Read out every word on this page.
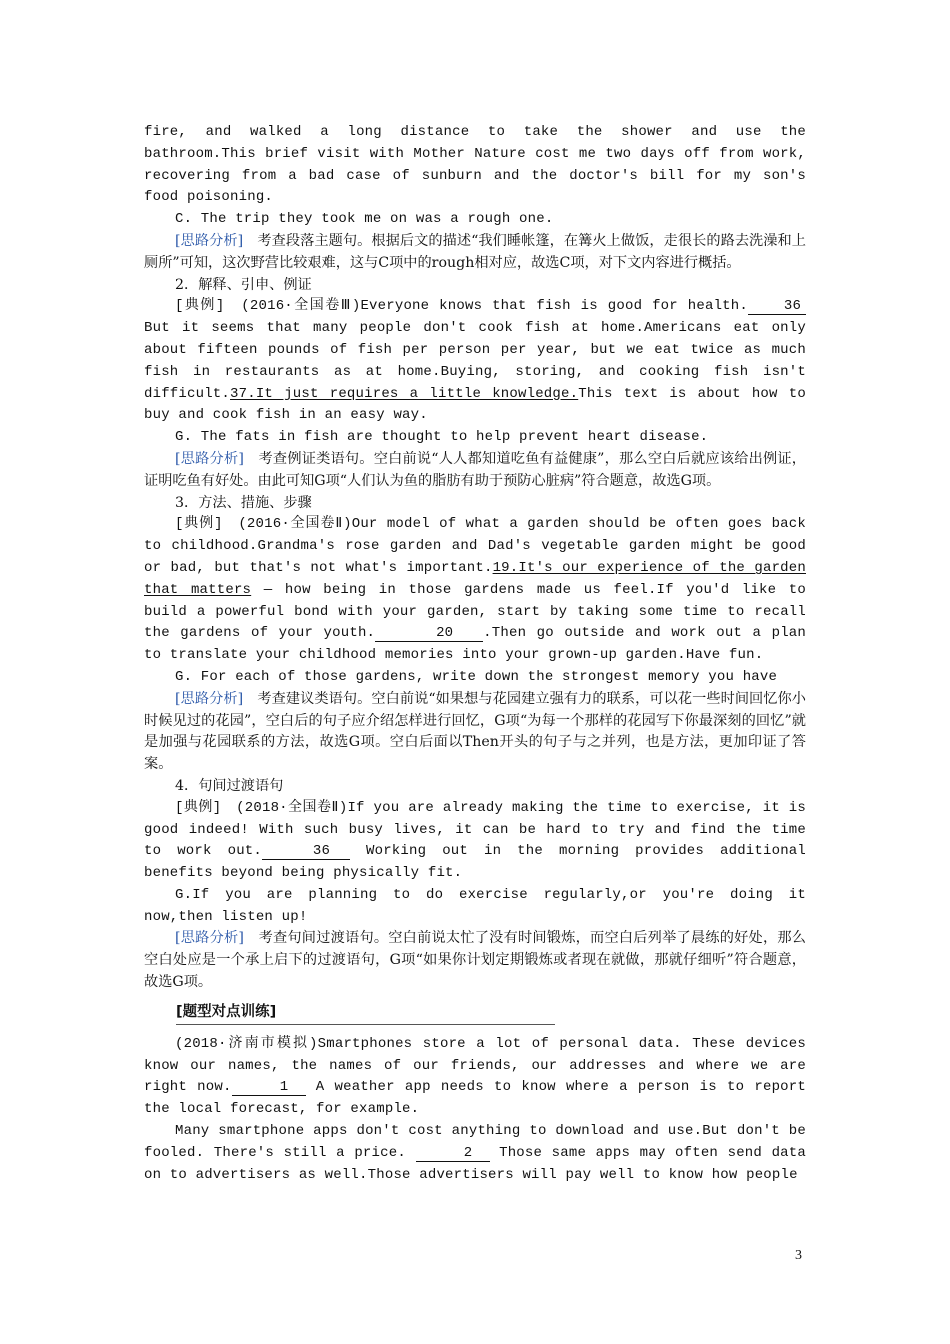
fire, and walked a long distance to take the shower and use the bathroom.This brief visit with Mother Nature cost me two days off from work, recovering from a bad case of sunburn and the doctor's bill for my son's food poisoning.

C. The trip they took me on was a rough one.

[思路分析]　 考查段落主题句。根据后文的描述“我们睡帐篷，在篝火上做饭，走很长的路去洗澡和上厕所”可知，这次野营比较艰难，这与C项中的rough相对应，故选C项，对下文内容进行概括。

2．解释、引申、例证

[典例]　 (2016·全国卷Ⅲ)Everyone knows that fish is good for health.	36 But it seems that many people don't cook fish at home.Americans eat only about fifteen pounds of fish per person per year, but we eat twice as much fish in restaurants as at home.Buying, storing, and cooking fish isn't difficult.37.It just requires a little knowledge.This text is about how to buy and cook fish in an easy way.

G. The fats in fish are thought to help prevent heart disease.

[思路分析]　 考查例证类语句。空白前说“人人都知道吃鱼有益健康”，那么空白后就应该给出例证，证明吃鱼有好处。由此可知G项“人们认为鱼的脂肪有助于预防心脏病”符合题意，故选G项。

3．方法、措施、步骤

[典例]　 (2016·全国卷Ⅱ)Our model of what a garden should be often goes back to childhood.Grandma's rose garden and Dad's vegetable garden might be good or bad, but that's not what's important.19.It's our experience of the garden that matters — how being in those gardens made us feel.If you'd like to build a powerful bond with your garden, start by taking some time to recall the gardens of your youth.	20 .Then go outside and work out a plan to translate your childhood memories into your grown-up garden.Have fun.

G. For each of those gardens, write down the strongest memory you have

[思路分析]　 考查建议类语句。空白前说“如果想与花园建立强有力的联系，可以花一些时间回忆你小时候见过的花园”，空白后的句子应介绍怎样进行回忆，G项“为每一个那样的花园写下你最深刻的回忆”就是加强与花园联系的方法，故选G项。空白后面以Then开头的句子与之并列，也是方法，更加印证了答案。

4．句间过渡语句

[典例]　 (2018·全国卷Ⅱ)If you are already making the time to exercise, it is good indeed! With such busy lives, it can be hard to try and find the time to work out.	36 Working out in the morning provides additional benefits beyond being physically fit.

G.If you are planning to do exercise regularly,or you're doing it now,then listen up!

[思路分析]　 考查句间过渡语句。空白前说太忙了没有时间锻炼，而空白后列举了晨练的好处，那么空白处应是一个承上启下的过渡语句，G项“如果你计划定期锻炼或者现在就做，那就仔细听”符合题意，故选G项。

(2018·济南市模拟)Smartphones store a lot of personal data. These devices know our names, the names of our friends, our addresses and where we are right now.	1 A weather app needs to know where a person is to report the local forecast, for example.

Many smartphone apps don't cost anything to download and use.But don't be fooled. There's still a price.	2 Those same apps may often send data on to advertisers as well.Those advertisers will pay well to know how people

[题型对点训练]
3
